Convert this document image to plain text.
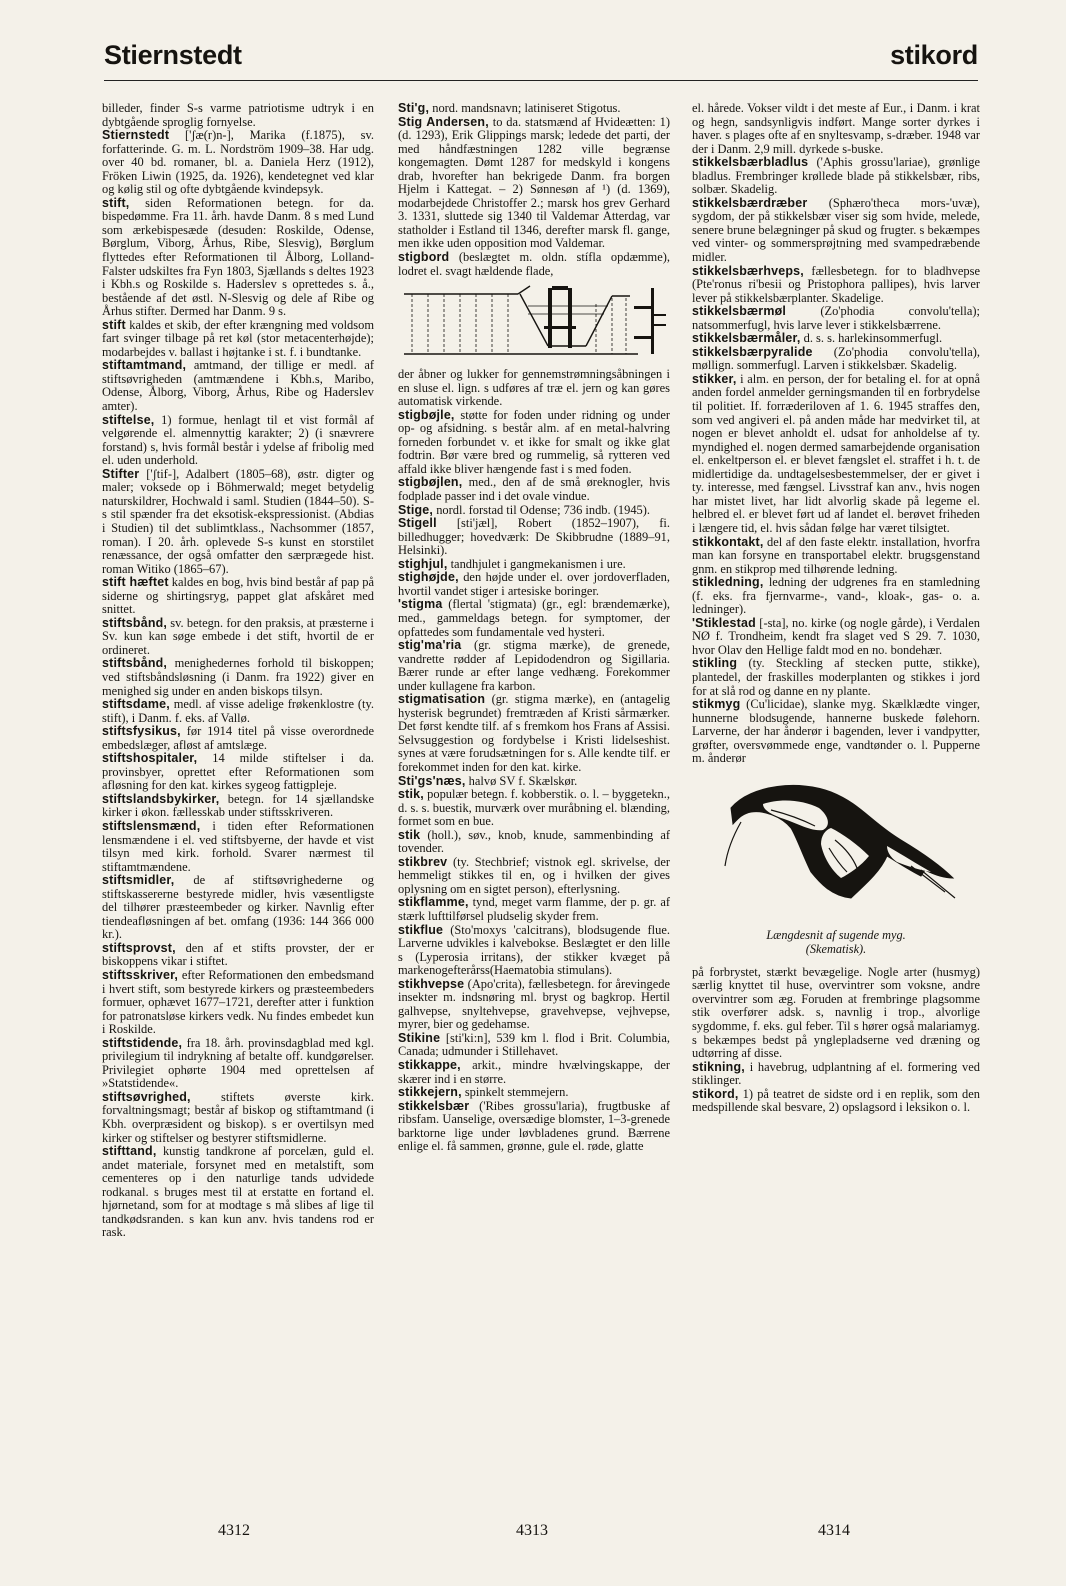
Stiernstedt	stikord

billeder, finder S-s varme patriotisme udtryk i en dybtgående sproglig fornyelse.

Stiernstedt ['ʃæ(r)n-], Marika (f.1875), sv. forfatterinde. G. m. L. Nordström 1909–38. Har udg. over 40 bd. romaner, bl. a. Daniela Herz (1912), Fröken Liwin (1925, da. 1926), kendetegnet ved klar og kølig stil og ofte dybtgående kvindepsyk.

stift, siden Reformationen betegn. for da. bispedømme. Fra 11. årh. havde Danm. 8 s med Lund som ærkebispesæde (desuden: Roskilde, Odense, Børglum, Viborg, Århus, Ribe, Slesvig), Børglum flyttedes efter Reformationen til Ålborg, Lolland-Falster udskiltes fra Fyn 1803, Sjællands s deltes 1923 i Kbh.s og Roskilde s. Haderslev s oprettedes s. å., bestående af det østl. N-Slesvig og dele af Ribe og Århus stifter. Dermed har Danm. 9 s.

stift kaldes et skib, der efter krængning med voldsom fart svinger tilbage på ret køl (stor metacenterhøjde); modarbejdes v. ballast i højtanke i st. f. i bundtanke.

stiftamtmand, amtmand, der tillige er medl. af stiftsøvrigheden (amtmændene i Kbh.s, Maribo, Odense, Ålborg, Viborg, Århus, Ribe og Haderslev amter).

stiftelse, 1) formue, henlagt til et vist formål af velgørende el. almennyttig karakter; 2) (i snævrere forstand) s, hvis formål består i ydelse af fribolig med el. uden underhold.

Stifter ['ʃtif-], Adalbert (1805–68), østr. digter og maler; voksede op i Böhmerwald; meget betydelig naturskildrer, Hochwald i saml. Studien (1844–50). S-s stil spænder fra det eksotisk-ekspressionist. (Abdias i Studien) til det sublimtklass., Nachsommer (1857, roman). I 20. årh. oplevede S-s kunst en storstilet renæssance, der også omfatter den særprægede hist. roman Witiko (1865–67).

stift hæftet kaldes en bog, hvis bind består af pap på siderne og shirtingsryg, pappet glat afskåret med snittet.

stiftsbånd, sv. betegn. for den praksis, at præsterne i Sv. kun kan søge embede i det stift, hvortil de er ordineret.

stiftsbånd, menighedernes forhold til biskoppen; ved stiftsbåndsløsning (i Danm. fra 1922) giver en menighed sig under en anden biskops tilsyn.

stiftsdame, medl. af visse adelige frøkenklostre (ty. stift), i Danm. f. eks. af Vallø.

stiftsfysikus, før 1914 titel på visse overordnede embedslæger, afløst af amtslæge.

stiftshospitaler, 14 milde stiftelser i da. provinsbyer, oprettet efter Reformationen som afløsning for den kat. kirkes sygeog fattigpleje.

stiftslandsbykirker, betegn. for 14 sjællandske kirker i økon. fællesskab under stiftsskriveren.

stiftslensmænd, i tiden efter Reformationen lensmændene i el. ved stiftsbyerne, der havde et vist tilsyn med kirk. forhold. Svarer nærmest til stiftamtmændene.

stiftsmidler, de af stiftsøvrighederne og stiftskassererne bestyrede midler, hvis væsentligste del tilhører præsteembeder og kirker. Navnlig efter tiendeafløsningen af bet. omfang (1936: 144 366 000 kr.).

stiftsprovst, den af et stifts provster, der er biskoppens vikar i stiftet.

stiftsskriver, efter Reformationen den embedsmand i hvert stift, som bestyrede kirkers og præsteembeders formuer, ophævet 1677–1721, derefter atter i funktion for patronatsløse kirkers vedk. Nu findes embedet kun i Roskilde.

stiftstidende, fra 18. årh. provinsdagblad med kgl. privilegium til indrykning af betalte off. kundgørelser. Privilegiet ophørte 1904 med oprettelsen af »Statstidende«.

stiftsøvrighed, stiftets øverste kirk. forvaltningsmagt; består af biskop og stiftamtmand (i Kbh. overpræsident og biskop). s er overtilsyn med kirker og stiftelser og bestyrer stiftsmidlerne.

stifttand, kunstig tandkrone af porcelæn, guld el. andet materiale, forsynet med en metalstift, som cementeres op i den naturlige tands udvidede rodkanal. s bruges mest til at erstatte en fortand el. hjørnetand, som for at modtage s må slibes af lige til tandkødsranden. s kan kun anv. hvis tandens rod er rask.

Sti'g, nord. mandsnavn; latiniseret Stigotus.

Stig Andersen, to da. statsmænd af Hvideætten: 1) (d. 1293), Erik Glippings marsk; ledede det parti, der med håndfæstningen 1282 ville begrænse kongemagten. Dømt 1287 for medskyld i kongens drab, hvorefter han bekrigede Danm. fra borgen Hjelm i Kattegat. – 2) Sønnesøn af ¹) (d. 1369), modarbejdede Christoffer 2.; marsk hos grev Gerhard 3. 1331, sluttede sig 1340 til Valdemar Atterdag, var statholder i Estland til 1346, derefter marsk fl. gange, men ikke uden opposition mod Valdemar.

stigbord (beslægtet m. oldn. stífla opdæmme), lodret el. svagt hældende flade,

der åbner og lukker for gennemstrømningsåbningen i en sluse el. lign. s udføres af træ el. jern og kan gøres automatisk virkende.

stigbøjle, støtte for foden under ridning og under op- og afsidning. s består alm. af en metal-halvring forneden forbundet v. et ikke for smalt og ikke glat fodtrin. Bør være bred og rummelig, så rytteren ved affald ikke bliver hængende fast i s med foden.

stigbøjlen, med., den af de små øreknogler, hvis fodplade passer ind i det ovale vindue.

Stige, nordl. forstad til Odense; 736 indb. (1945).

Stigell [sti'jæl], Robert (1852–1907), fi. billedhugger; hovedværk: De Skibbrudne (1889–91, Helsinki).

stighjul, tandhjulet i gangmekanismen i ure.

stighøjde, den højde under el. over jordoverfladen, hvortil vandet stiger i artesiske boringer.

'stigma (flertal 'stigmata) (gr., egl: brændemærke), med., gammeldags betegn. for symptomer, der opfattedes som fundamentale ved hysteri.

stig'ma'ria (gr. stigma mærke), de grenede, vandrette rødder af Lepidodendron og Sigillaria. Bærer runde ar efter lange vedhæng. Forekommer under kullagene fra karbon.

stigmatisation (gr. stigma mærke), en (antagelig hysterisk begrundet) fremtræden af Kristi sårmærker. Det først kendte tilf. af s fremkom hos Frans af Assisi. Selvsuggestion og fordybelse i Kristi lidelseshist. synes at være forudsætningen for s. Alle kendte tilf. er forekommet inden for den kat. kirke.

Sti'gs'næs, halvø SV f. Skælskør.

stik, populær betegn. f. kobberstik. o. l. – byggetekn., d. s. s. buestik, murværk over muråbning el. blænding, formet som en bue.

stik (holl.), søv., knob, knude, sammenbinding af tovender.

stikbrev (ty. Stechbrief; vistnok egl. skrivelse, der hemmeligt stikkes til en, og i hvilken der gives oplysning om en sigtet person), efterlysning.

stikflamme, tynd, meget varm flamme, der p. gr. af stærk lufttilførsel pludselig skyder frem.

stikflue (Sto'moxys 'calcitrans), blodsugende flue. Larverne udvikles i kalvebokse. Beslægtet er den lille s (Lyperosia irritans), der stikker kvæget på markenogefterårss(Haematobia stimulans).

stikhvepse (Apo'crita), fællesbetegn. for årevingede insekter m. indsnøring ml. bryst og bagkrop. Hertil galhvepse, snyltehvepse, gravehvepse, vejhvepse, myrer, bier og gedehamse.

Stikine [sti'ki:n], 539 km l. flod i Brit. Columbia, Canada; udmunder i Stillehavet.

stikkappe, arkit., mindre hvælvingskappe, der skærer ind i en større.

stikkejern, spinkelt stemmejern.

stikkelsbær ('Ribes grossu'laria), frugtbuske af ribsfam. Uanselige, oversædige blomster, 1–3-grenede barktorne lige under løvbladenes grund. Bærrene enlige el. få sammen, grønne, gule el. røde, glatte

el. hårede. Vokser vildt i det meste af Eur., i Danm. i krat og hegn, sandsynligvis indført. Mange sorter dyrkes i haver. s plages ofte af en snyltesvamp, s-dræber. 1948 var der i Danm. 2,9 mill. dyrkede s-buske.

stikkelsbærbladlus ('Aphis grossu'lariae), grønlige bladlus. Frembringer krøllede blade på stikkelsbær, ribs, solbær. Skadelig.

stikkelsbærdræber (Sphæro'theca mors-'uvæ), sygdom, der på stikkelsbær viser sig som hvide, melede, senere brune belægninger på skud og frugter. s bekæmpes ved vinter- og sommersprøjtning med svampedræbende midler.

stikkelsbærhveps, fællesbetegn. for to bladhvepse (Pte'ronus ri'besii og Pristophora pallipes), hvis larver lever på stikkelsbærplanter. Skadelige.

stikkelsbærmøl (Zo'phodia convolu'tella); natsommerfugl, hvis larve lever i stikkelsbærrene.

stikkelsbærmåler, d. s. s. harlekinsommerfugl.

stikkelsbærpyralide (Zo'phodia convolu'tella), møllign. sommerfugl. Larven i stikkelsbær. Skadelig.

stikker, i alm. en person, der for betaling el. for at opnå anden fordel anmelder gerningsmanden til en forbrydelse til politiet. If. forræderiloven af 1. 6. 1945 straffes den, som ved angiveri el. på anden måde har medvirket til, at nogen er blevet anholdt el. udsat for anholdelse af ty. myndighed el. nogen dermed samarbejdende organisation el. enkeltperson el. er blevet fængslet el. straffet i h. t. de midlertidige da. undtagelsesbestemmelser, der er givet i ty. interesse, med fængsel. Livsstraf kan anv., hvis nogen har mistet livet, har lidt alvorlig skade på legeme el. helbred el. er blevet ført ud af landet el. berøvet friheden i længere tid, el. hvis sådan følge har været tilsigtet.

stikkontakt, del af den faste elektr. installation, hvorfra man kan forsyne en transportabel elektr. brugsgenstand gnm. en stikprop med tilhørende ledning.

stikledning, ledning der udgrenes fra en stamledning (f. eks. fra fjernvarme-, vand-, kloak-, gas- o. a. ledninger).

'Stiklestad [-sta], no. kirke (og nogle gårde), i Verdalen NØ f. Trondheim, kendt fra slaget ved S 29. 7. 1030, hvor Olav den Hellige faldt mod en no. bondehær.

stikling (ty. Steckling af stecken putte, stikke), plantedel, der fraskilles moderplanten og stikkes i jord for at slå rod og danne en ny plante.

stikmyg (Cu'licidae), slanke myg. Skælklædte vinger, hunnerne blodsugende, hannerne buskede følehorn. Larverne, der har ånderør i bagenden, lever i vandpytter, grøfter, oversvømmede enge, vandtønder o. l. Pupperne m. ånderør

Længdesnit af sugende myg.
(Skematisk).

på forbrystet, stærkt bevægelige. Nogle arter (husmyg) særlig knyttet til huse, overvintrer som voksne, andre overvintrer som æg. Foruden at frembringe plagsomme stik overfører adsk. s, navnlig i trop., alvorlige sygdomme, f. eks. gul feber. Til s hører også malariamyg. s bekæmpes bedst på ynglepladserne ved dræning og udtørring af disse.

stikning, i havebrug, udplantning af el. formering ved stiklinger.

stikord, 1) på teatret de sidste ord i en replik, som den medspillende skal besvare, 2) opslagsord i leksikon o. l.

4312	4313	4314
